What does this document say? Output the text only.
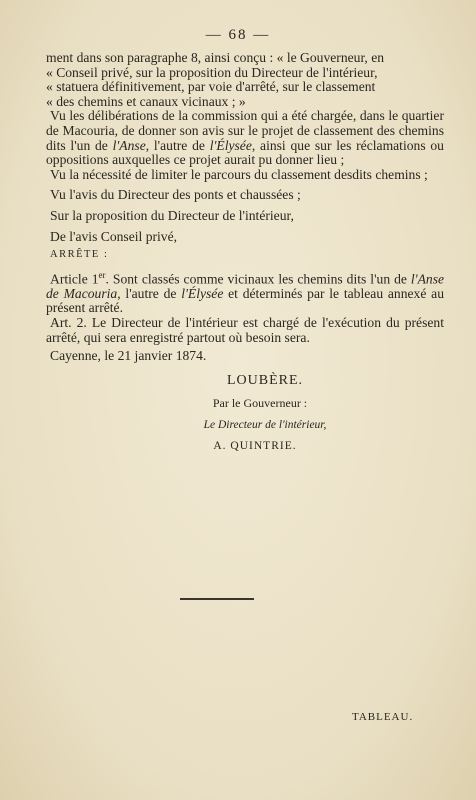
— 68 —
ment dans son paragraphe 8, ainsi conçu : « le Gouverneur, en
« Conseil privé, sur la proposition du Directeur de l'intérieur,
« statuera définitivement, par voie d'arrêté, sur le classement
« des chemins et canaux vicinaux ; »

Vu les délibérations de la commission qui a été chargée, dans le quartier de Macouria, de donner son avis sur le projet de classement des chemins dits l'un de l'Anse, l'autre de l'Élysée, ainsi que sur les réclamations ou oppositions auxquelles ce projet aurait pu donner lieu ;

Vu la nécessité de limiter le parcours du classement desdits chemins ;

Vu l'avis du Directeur des ponts et chaussées ;

Sur la proposition du Directeur de l'intérieur,

De l'avis Conseil privé,

ARRÊTE :

Article 1er. Sont classés comme vicinaux les chemins dits l'un de l'Anse de Macouria, l'autre de l'Élysée et déterminés par le tableau annexé au présent arrêté.

Art. 2. Le Directeur de l'intérieur est chargé de l'exécution du présent arrêté, qui sera enregistré partout où besoin sera.

Cayenne, le 21 janvier 1874.

LOUBÈRE.
Par le Gouverneur :
Le Directeur de l'intérieur,
A. QUINTRIE.
TABLEAU.
